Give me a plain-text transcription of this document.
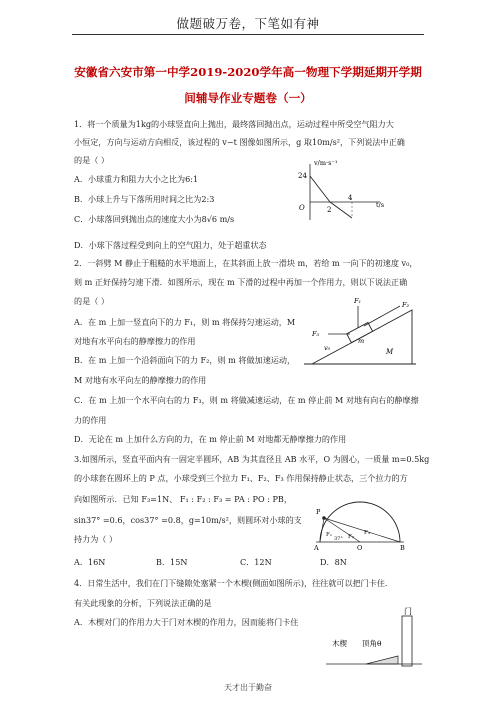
做题破万卷，下笔如有神
安徽省六安市第一中学2019-2020学年高一物理下学期延期开学期
间辅导作业专题卷（一）
1．将一个质量为1kg的小球竖直向上抛出，最终落回抛出点，运动过程中所受空气阻力大
小恒定，方向与运动方向相反，该过程的 v−t 图像如图所示，g 取10m/s²，下列说法中正确
的是（ ）
A．小球重力和阻力大小之比为6:1
B．小球上升与下落所用时间之比为2:3
C．小球落回到抛出点的速度大小为8√6 m/s
D．小球下落过程受到向上的空气阻力，处于超重状态
v/m·s⁻¹
24
O	2
4
t/s
2．一斜劈 M 静止于粗糙的水平地面上，在其斜面上放一滑块 m，若给 m 一向下的初速度 v₀，
则 m 正好保持匀速下滑．如图所示，现在 m 下滑的过程中再加一个作用力，则以下说法正确
的是（ ）
A．在 m 上加一竖直向下的力 F₁，则 m 将保持匀速运动，M
对地有水平向右的静摩擦力的作用
B．在 m 上加一个沿斜面向下的力 F₂，则 m 将做加速运动，
M 对地有水平向左的静摩擦力的作用
C．在 m 上加一个水平向右的力 F₃，则 m 将做减速运动，在 m 停止前 M 对地有向右的静摩擦
力的作用
D．无论在 m 上加什么方向的力，在 m 停止前 M 对地都无静摩擦力的作用
F₁	F₂
F₃
v₀
m
M
3.如图所示，竖直平面内有一固定半圆环，AB 为其直径且 AB 水平，O 为圆心，一质量 m=0.5kg
的小球套在圆环上的 P 点，小球受到三个拉力 F₁、F₂、F₃ 作用保持静止状态，三个拉力的方
向如图所示．已知 F₃=1N、 F₁ : F₂ : F₃ = PA : PO : PB，
sin37° =0.6，cos37° =0.8，g=10m/s²，则圆环对小球的支
持力为（ ）
A．16N	B．15N	C．12N	D．8N
P
A	O	B
F₁	F₃
F₂
37°
4．日常生活中，我们在门下缝隙处塞紧一个木楔(侧面如图所示)，往往就可以把门卡住．
有关此现象的分析，下列说法正确的是
A．木楔对门的作用力大于门对木楔的作用力，因而能将门卡住
门
木楔 顶角θ
天才出于勤奋
